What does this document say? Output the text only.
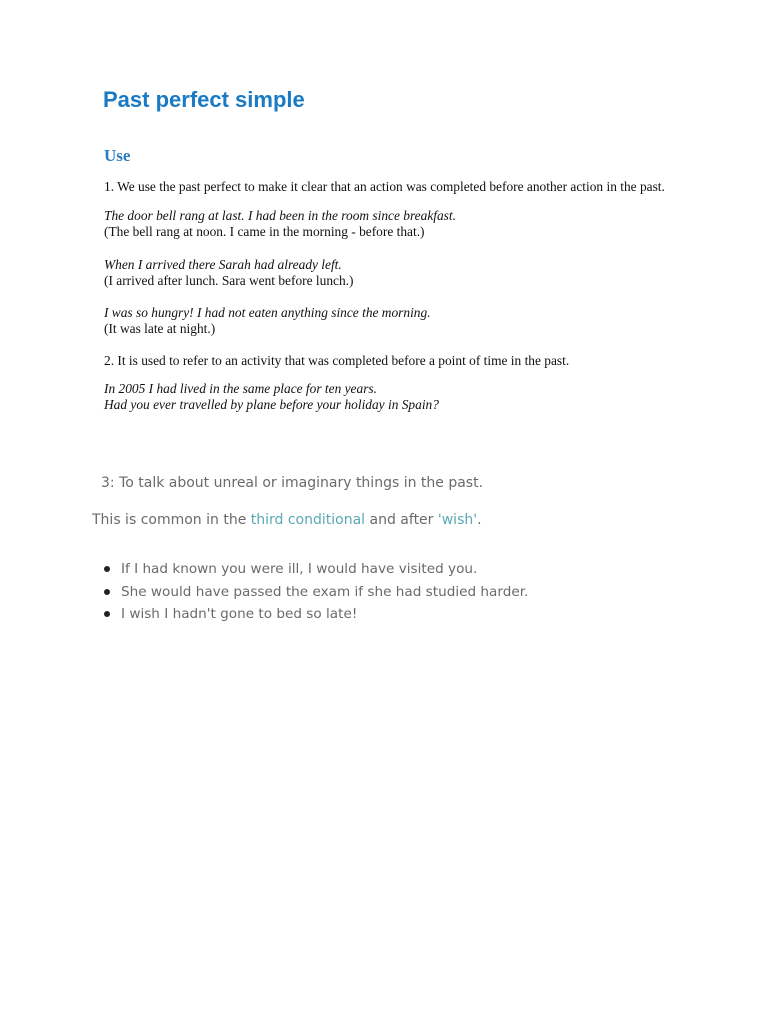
Past perfect simple
Use

1. We use the past perfect to make it clear that an action was completed before another action in the past.

The door bell rang at last. I had been in the room since breakfast.

(The bell rang at noon. I came in the morning - before that.)

When I arrived there Sarah had already left.

(I arrived after lunch. Sara went before lunch.)

I was so hungry! I had not eaten anything since the morning.

(It was late at night.)

2. It is used to refer to an activity that was completed before a point of time in the past.

In 2005 I had lived in the same place for ten years.

Had you ever travelled by plane before your holiday in Spain?

3: To talk about unreal or imaginary things in the past.

This is common in the third conditional and after 'wish'.

If I had known you were ill, I would have visited you.
She would have passed the exam if she had studied harder.
I wish I hadn't gone to bed so late!
